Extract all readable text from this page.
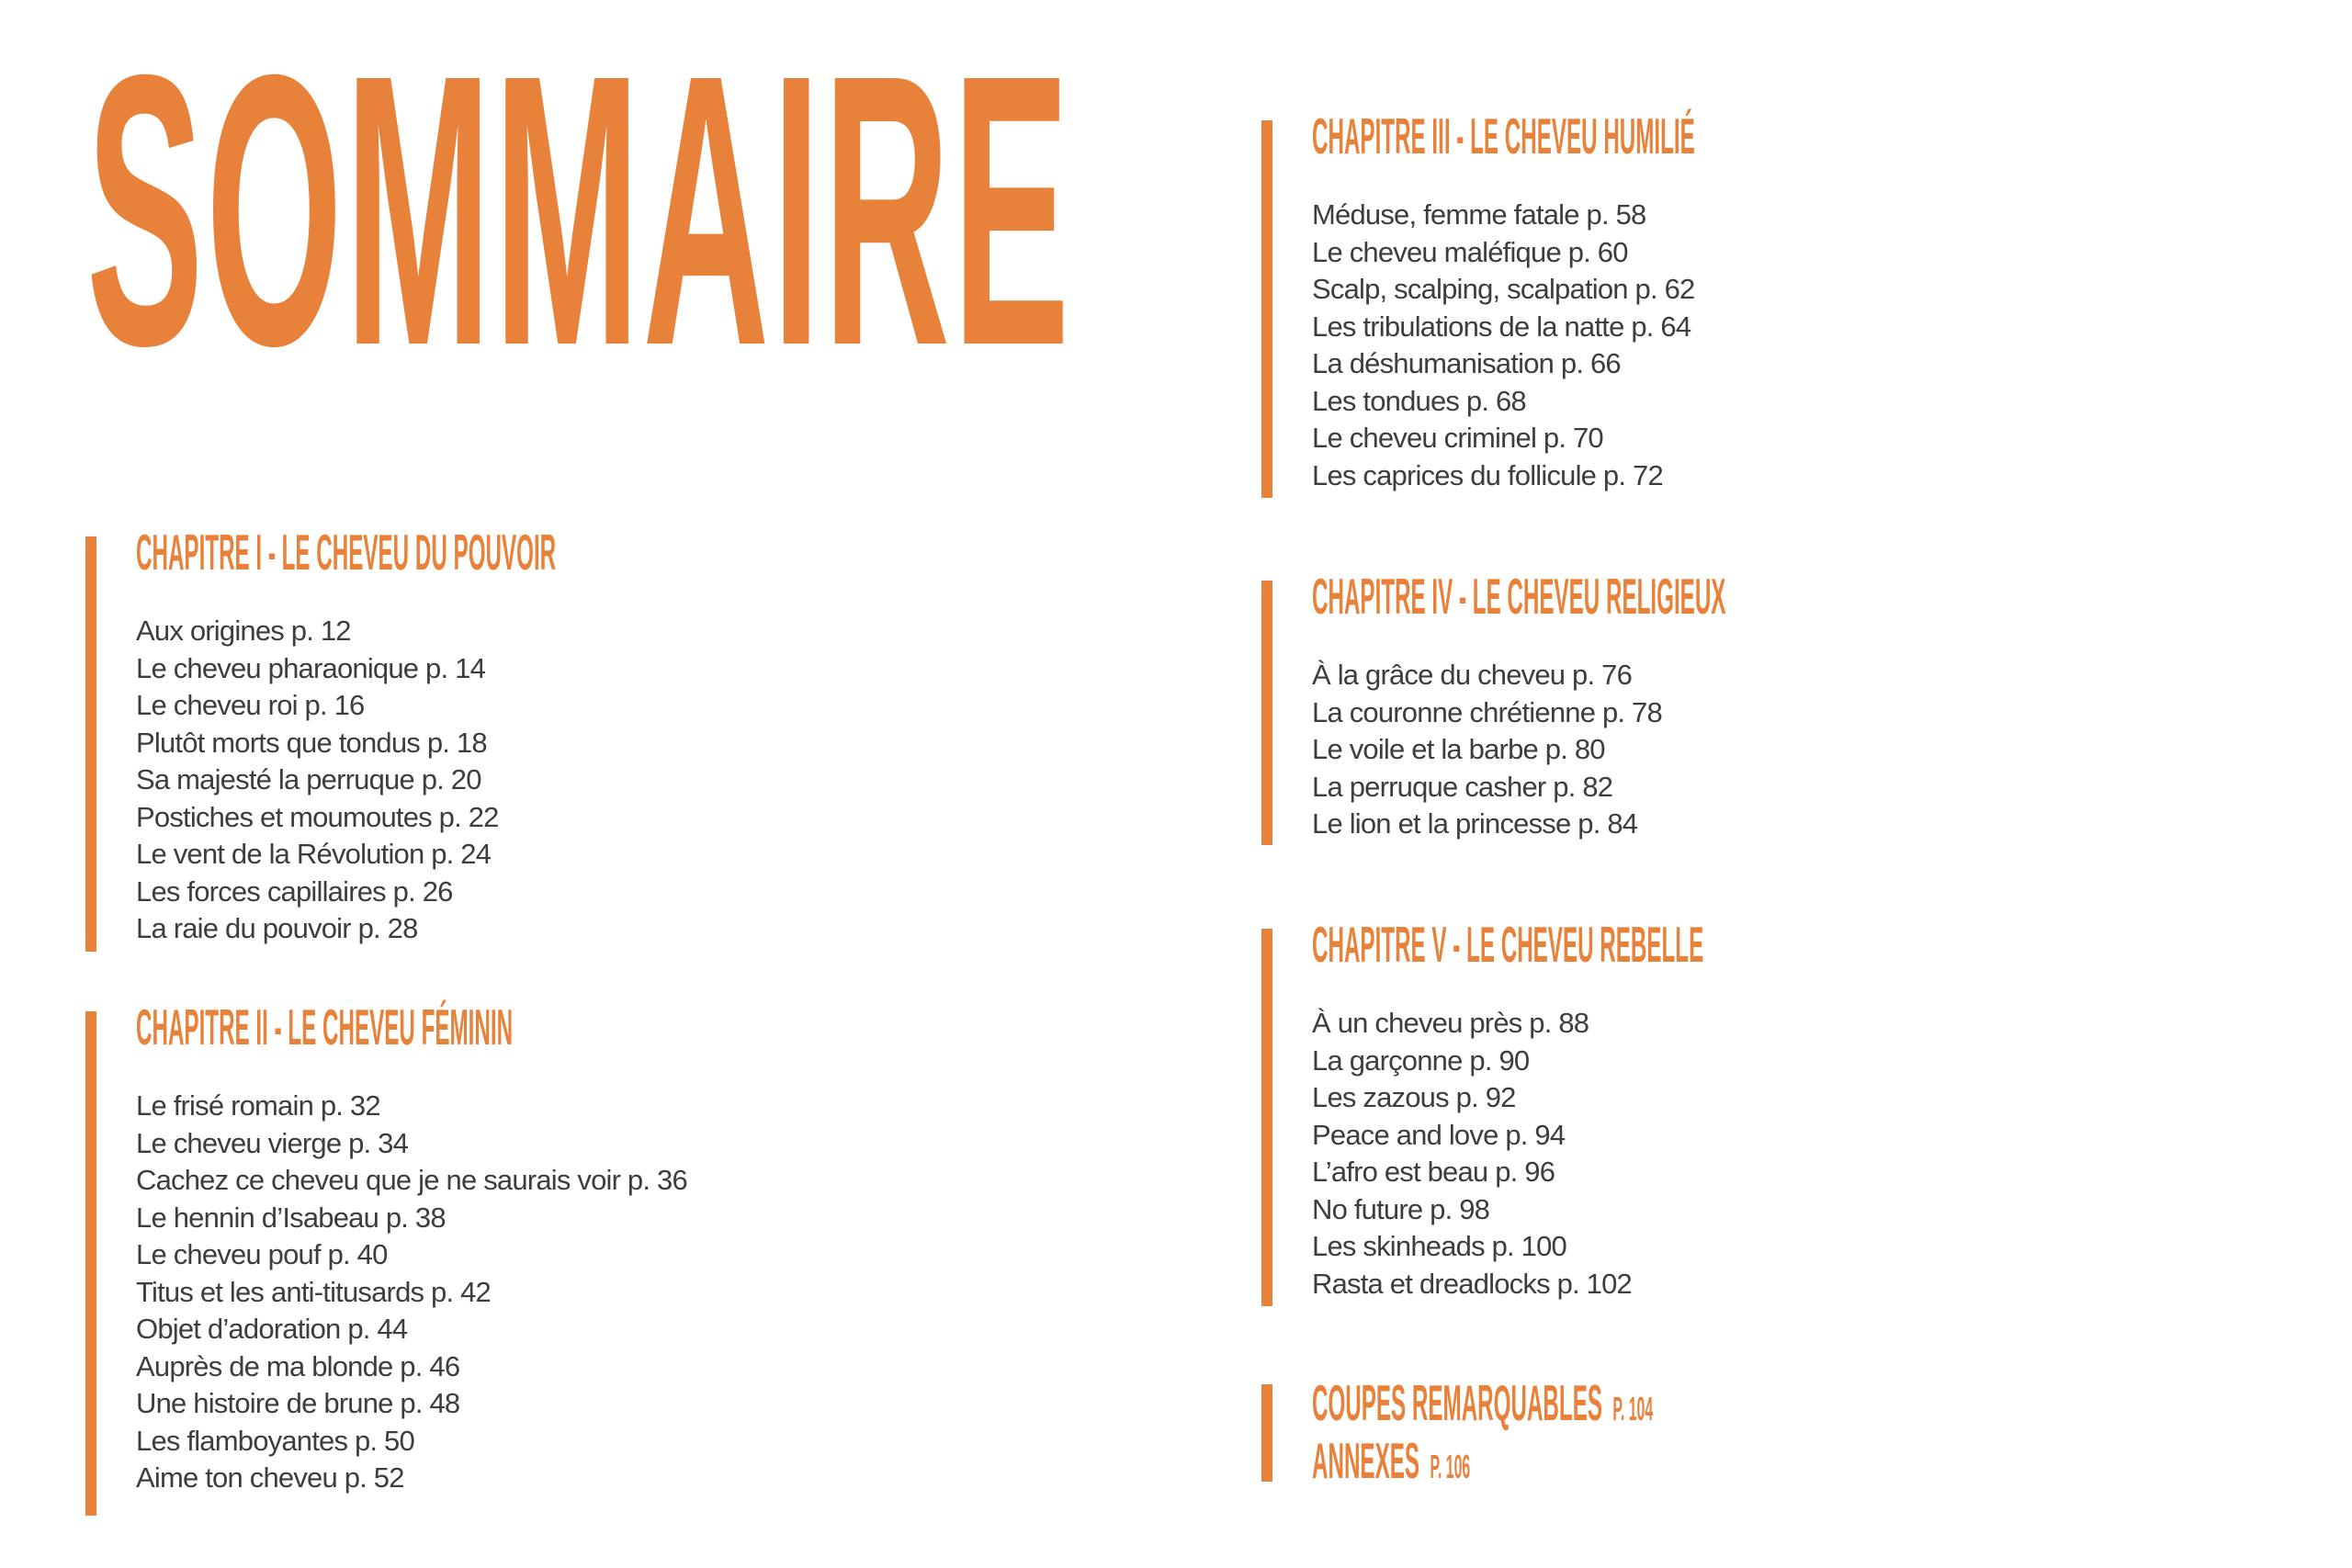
SOMMAIRE
CHAPITRE I - LE CHEVEU DU POUVOIR
Aux origines p. 12
Le cheveu pharaonique p. 14
Le cheveu roi p. 16
Plutôt morts que tondus p. 18
Sa majesté la perruque p. 20
Postiches et moumoutes p. 22
Le vent de la Révolution p. 24
Les forces capillaires p. 26
La raie du pouvoir p. 28
CHAPITRE II - LE CHEVEU FÉMININ
Le frisé romain p. 32
Le cheveu vierge p. 34
Cachez ce cheveu que je ne saurais voir p. 36
Le hennin d’Isabeau p. 38
Le cheveu pouf p. 40
Titus et les anti-titusards p. 42
Objet d’adoration p. 44
Auprès de ma blonde p. 46
Une histoire de brune p. 48
Les flamboyantes p. 50
Aime ton cheveu p. 52
CHAPITRE III - LE CHEVEU HUMILIÉ
Méduse, femme fatale p. 58
Le cheveu maléfique p. 60
Scalp, scalping, scalpation p. 62
Les tribulations de la natte p. 64
La déshumanisation p. 66
Les tondues p. 68
Le cheveu criminel p. 70
Les caprices du follicule p. 72
CHAPITRE IV - LE CHEVEU RELIGIEUX
À la grâce du cheveu p. 76
La couronne chrétienne p. 78
Le voile et la barbe p. 80
La perruque casher p. 82
Le lion et la princesse p. 84
CHAPITRE V - LE CHEVEU REBELLE
À un cheveu près p. 88
La garçonne p. 90
Les zazous p. 92
Peace and love p. 94
L’afro est beau p. 96
No future p. 98
Les skinheads p. 100
Rasta et dreadlocks p. 102
COUPES REMARQUABLES P. 104
ANNEXES P. 106
